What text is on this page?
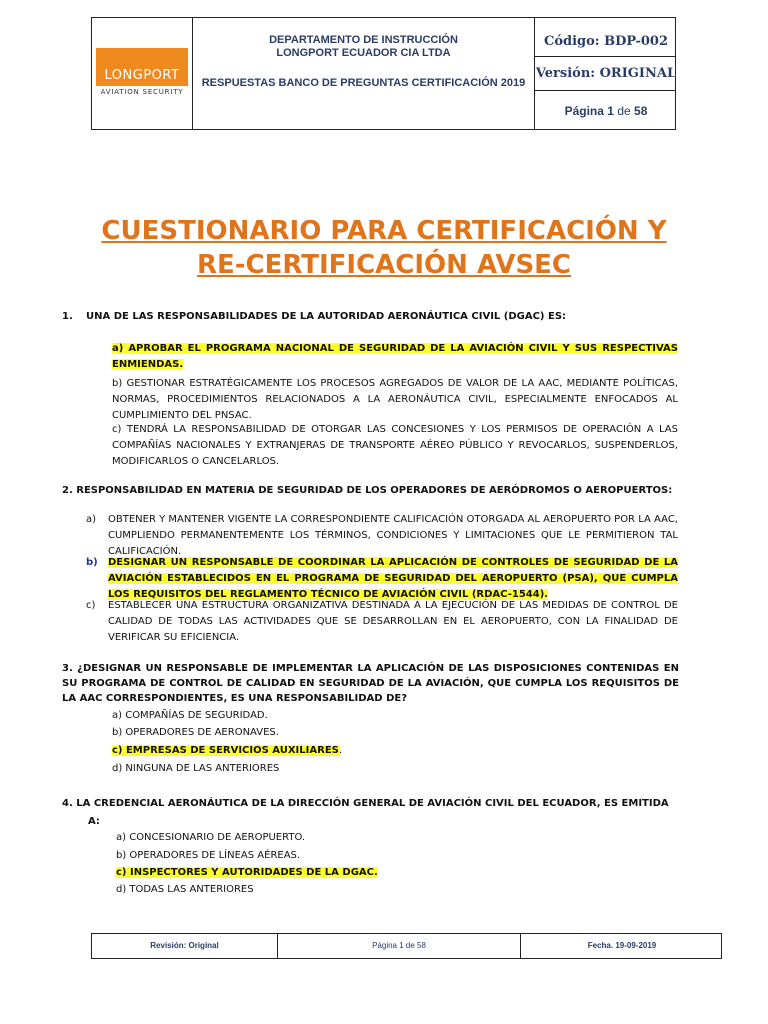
LONGPORT
AVIATION SECURITY
DEPARTAMENTO DE INSTRUCCIÓN
LONGPORT ECUADOR CIA LTDA
RESPUESTAS BANCO DE PREGUNTAS CERTIFICACIÓN 2019
Código: BDP-002
Versión: ORIGINAL
Página 1 de 58
CUESTIONARIO PARA CERTIFICACIÓN Y
RE-CERTIFICACIÓN AVSEC
1. UNA DE LAS RESPONSABILIDADES DE LA AUTORIDAD AERONÁUTICA CIVIL (DGAC) ES:
a) APROBAR EL PROGRAMA NACIONAL DE SEGURIDAD DE LA AVIACIÓN CIVIL Y SUS RESPECTIVAS ENMIENDAS.
b) GESTIONAR ESTRATÉGICAMENTE LOS PROCESOS AGREGADOS DE VALOR DE LA AAC, MEDIANTE POLÍTICAS, NORMAS, PROCEDIMIENTOS RELACIONADOS A LA AERONÁUTICA CIVIL, ESPECIALMENTE ENFOCADOS AL CUMPLIMIENTO DEL PNSAC.
c) TENDRÁ LA RESPONSABILIDAD DE OTORGAR LAS CONCESIONES Y LOS PERMISOS DE OPERACIÓN A LAS COMPAÑÍAS NACIONALES Y EXTRANJERAS DE TRANSPORTE AÉREO PÚBLICO Y REVOCARLOS, SUSPENDERLOS, MODIFICARLOS O CANCELARLOS.
2. RESPONSABILIDAD EN MATERIA DE SEGURIDAD DE LOS OPERADORES DE AERÓDROMOS O AEROPUERTOS:
a) OBTENER Y MANTENER VIGENTE LA CORRESPONDIENTE CALIFICACIÓN OTORGADA AL AEROPUERTO POR LA AAC, CUMPLIENDO PERMANENTEMENTE LOS TÉRMINOS, CONDICIONES Y LIMITACIONES QUE LE PERMITIERON TAL CALIFICACIÓN.
b) DESIGNAR UN RESPONSABLE DE COORDINAR LA APLICACIÓN DE CONTROLES DE SEGURIDAD DE LA AVIACIÓN ESTABLECIDOS EN EL PROGRAMA DE SEGURIDAD DEL AEROPUERTO (PSA), QUE CUMPLA LOS REQUISITOS DEL REGLAMENTO TÉCNICO DE AVIACIÓN CIVIL (RDAC-1544).
c) ESTABLECER UNA ESTRUCTURA ORGANIZATIVA DESTINADA A LA EJECUCIÓN DE LAS MEDIDAS DE CONTROL DE CALIDAD DE TODAS LAS ACTIVIDADES QUE SE DESARROLLAN EN EL AEROPUERTO, CON LA FINALIDAD DE VERIFICAR SU EFICIENCIA.
3. ¿DESIGNAR UN RESPONSABLE DE IMPLEMENTAR LA APLICACIÓN DE LAS DISPOSICIONES CONTENIDAS EN SU PROGRAMA DE CONTROL DE CALIDAD EN SEGURIDAD DE LA AVIACIÓN, QUE CUMPLA LOS REQUISITOS DE LA AAC CORRESPONDIENTES, ES UNA RESPONSABILIDAD DE?
a) COMPAÑÍAS DE SEGURIDAD.
b) OPERADORES DE AERONAVES.
c) EMPRESAS DE SERVICIOS AUXILIARES.
d) NINGUNA DE LAS ANTERIORES
4. LA CREDENCIAL AERONÁUTICA DE LA DIRECCIÓN GENERAL DE AVIACIÓN CIVIL DEL ECUADOR, ES EMITIDA
A:
a) CONCESIONARIO DE AEROPUERTO.
b) OPERADORES DE LÍNEAS AÉREAS.
c) INSPECTORES Y AUTORIDADES DE LA DGAC.
d) TODAS LAS ANTERIORES
Revisión: Original	Página 1 de 58	Fecha. 19-09-2019
